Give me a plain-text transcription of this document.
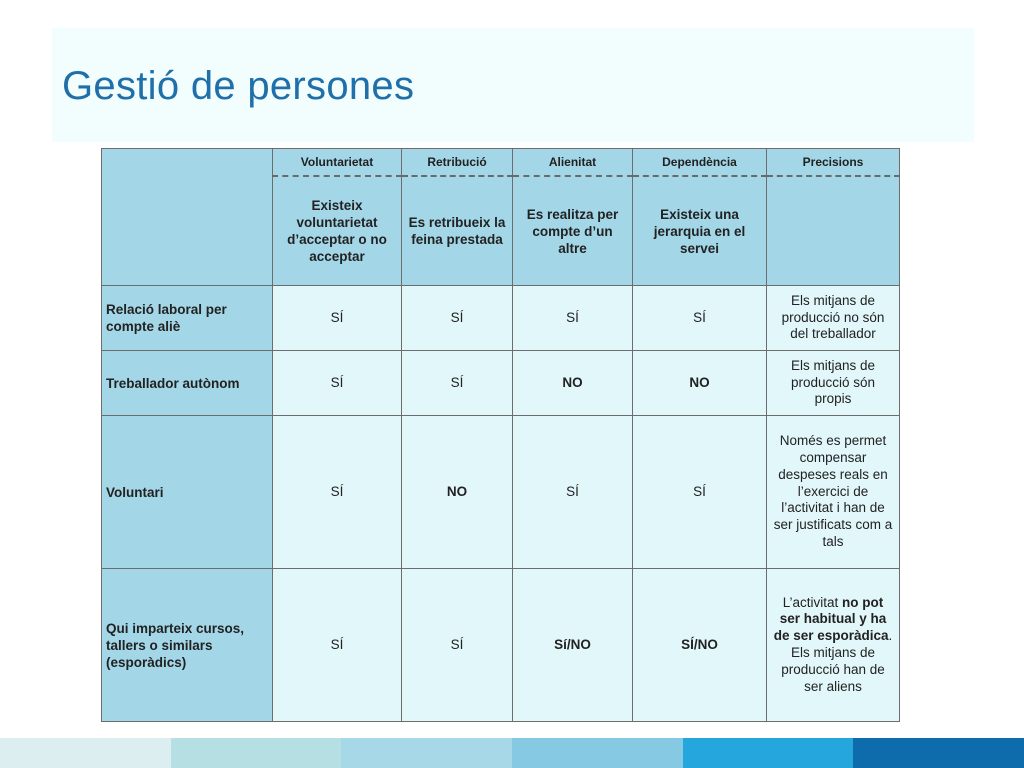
Gestió de persones
	Voluntarietat	Retribució	Alienitat	Dependència	Precisions
	Existeix voluntarietat d’acceptar o no acceptar	Es retribueix la feina prestada	Es realitza per compte d’un altre	Existeix una jerarquia en el servei	
Relació laboral per compte aliè	SÍ	SÍ	SÍ	SÍ	Els mitjans de producció no són del treballador
Treballador autònom	SÍ	SÍ	NO	NO	Els mitjans de producció són propis
Voluntari	SÍ	NO	SÍ	SÍ	Només es permet compensar despeses reals en l’exercici de l’activitat i han de ser justificats com a tals
Qui imparteix cursos, tallers o similars (esporàdics)	SÍ	SÍ	Sí/NO	SÍ/NO	L’activitat no pot ser habitual y ha de ser esporàdica. Els mitjans de producció han de ser aliens
